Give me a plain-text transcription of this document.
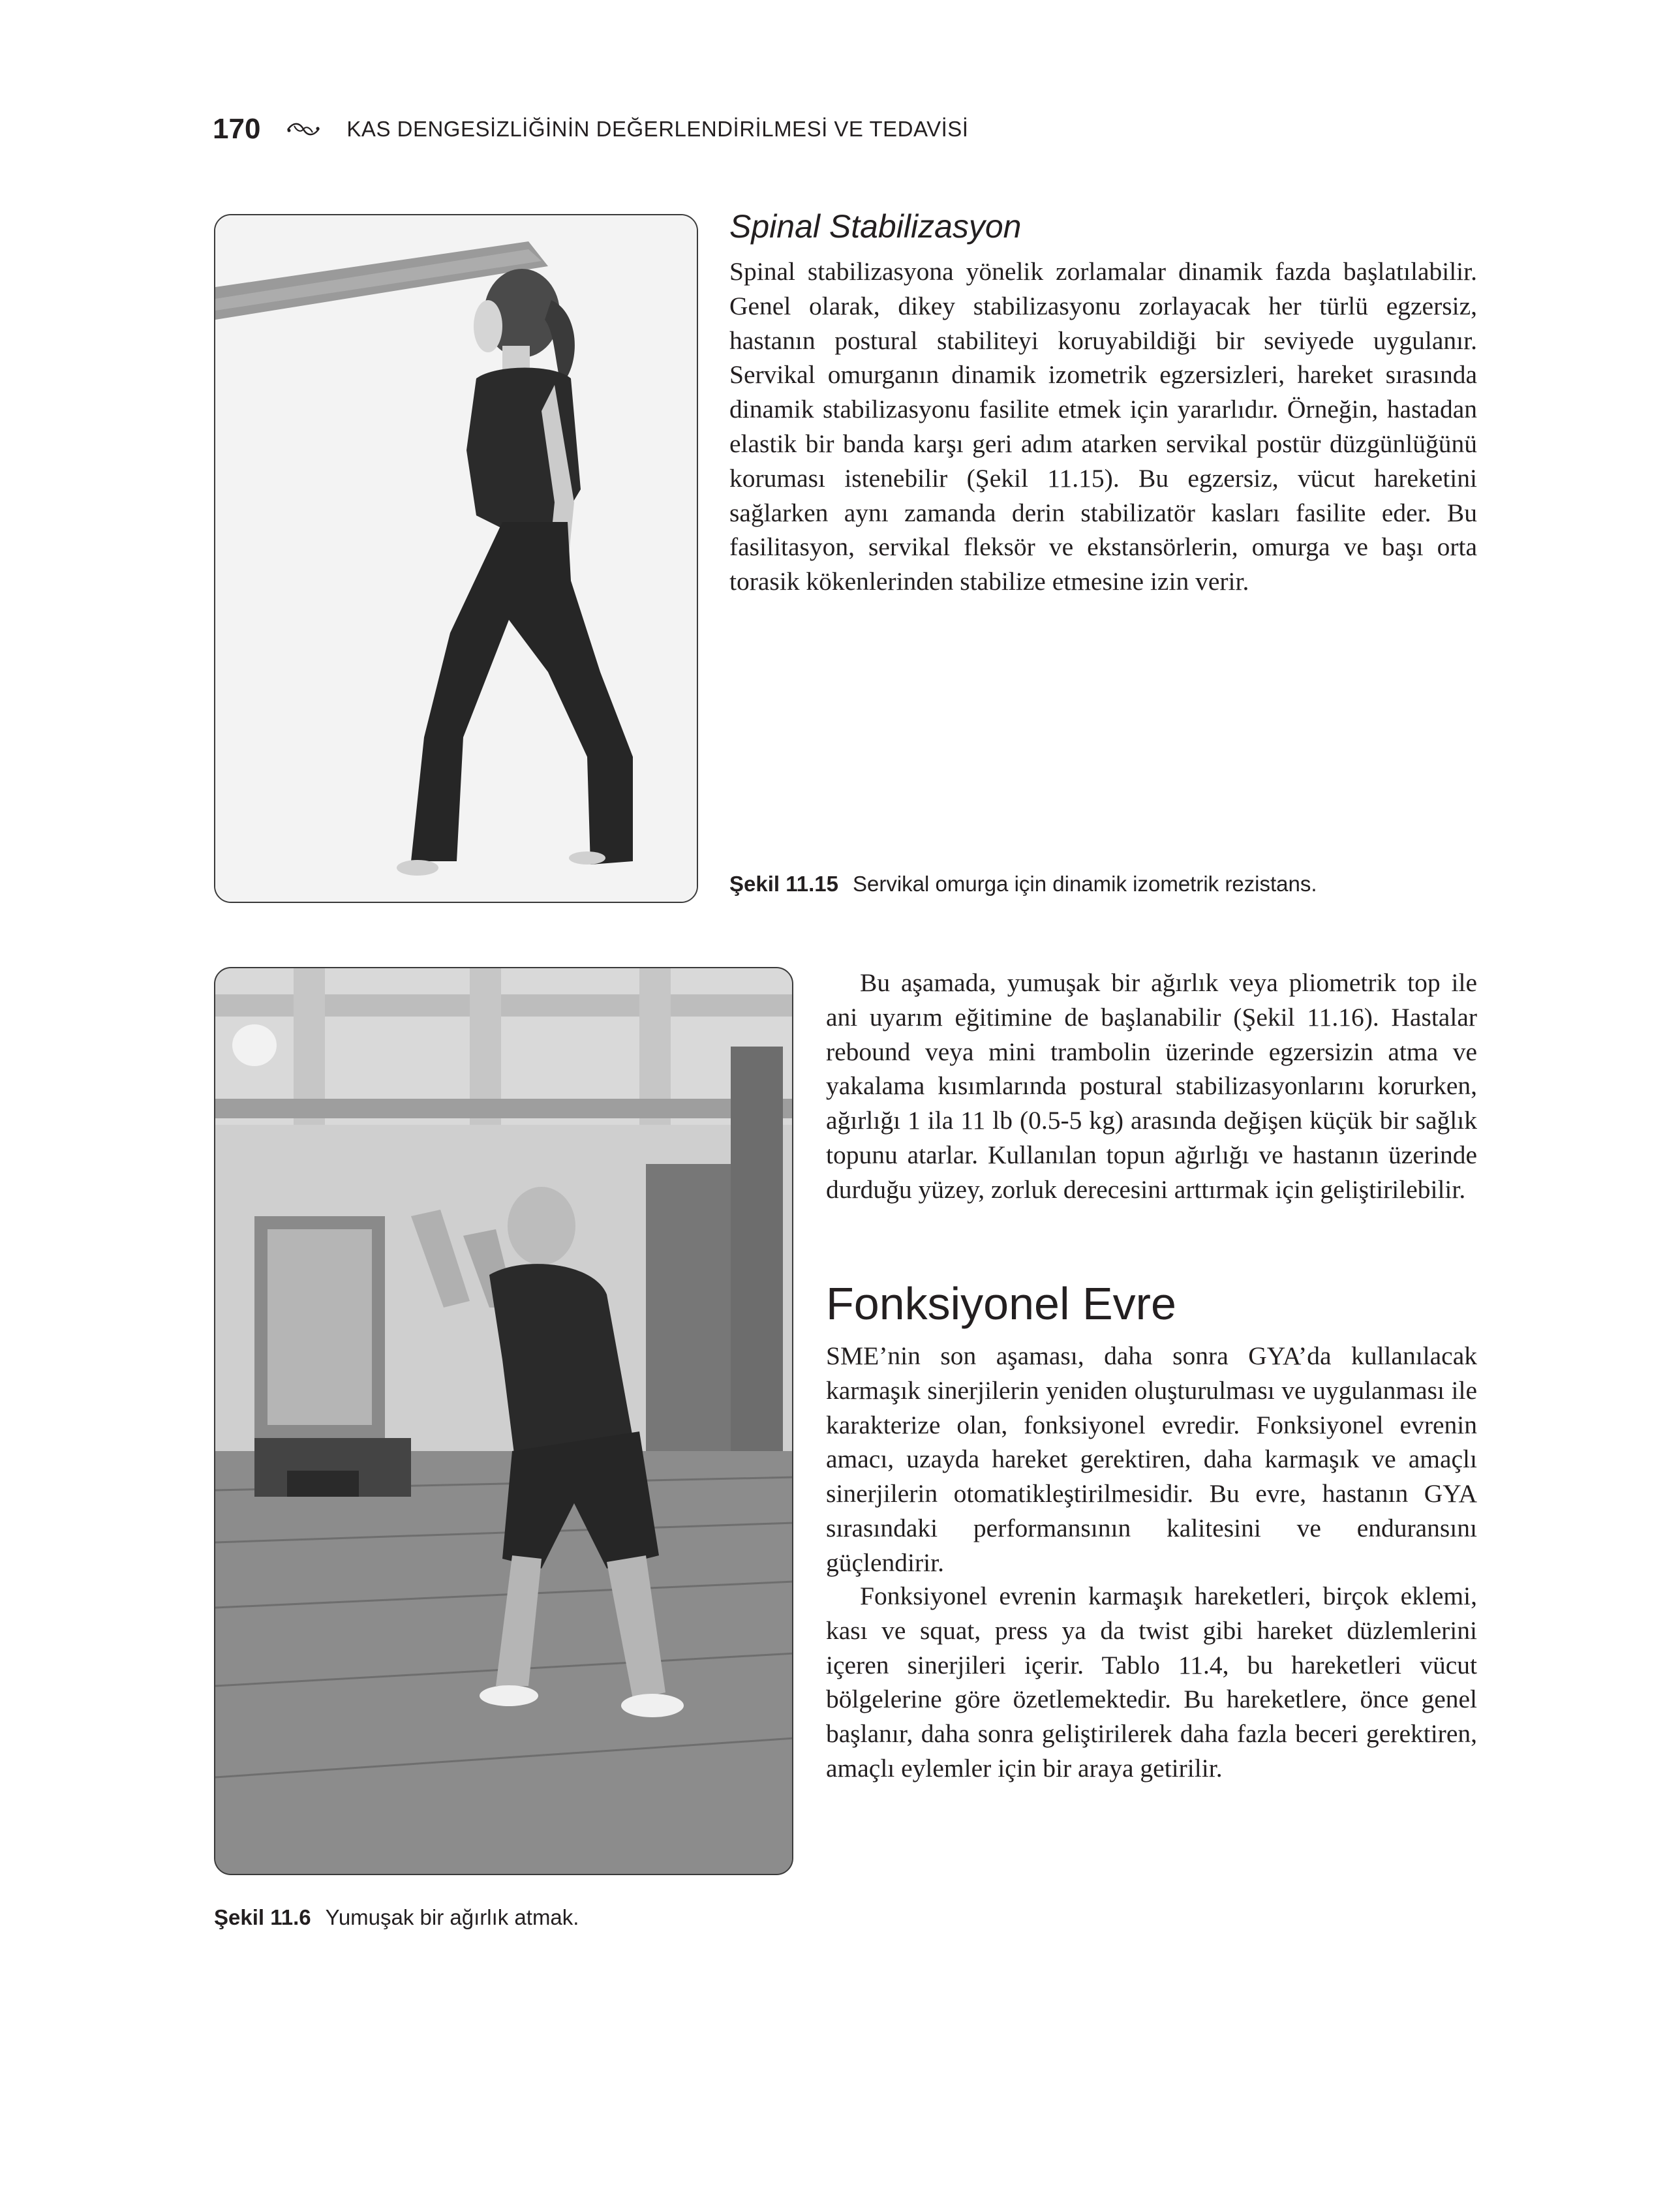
170	KAS DENGESİZLİĞİNİN DEĞERLENDİRİLMESİ VE TEDAVİSİ
Spinal Stabilizasyon

Spinal stabilizasyona yönelik zorlamalar dinamik fazda başlatılabilir. Genel olarak, dikey stabilizasyonu zorlayacak her türlü egzersiz, hastanın postural stabiliteyi koruyabildiği bir seviyede uygulanır. Servikal omurganın dinamik izometrik egzersizleri, hareket sırasında dinamik stabilizasyonu fasilite etmek için yararlıdır. Örneğin, hastadan elastik bir banda karşı geri adım atarken servikal postür düzgünlüğünü koruması istenebilir (Şekil 11.15). Bu egzersiz, vücut hareketini sağlarken aynı zamanda derin stabilizatör kasları fasilite eder. Bu fasilitasyon, servikal fleksör ve ekstansörlerin, omurga ve başı orta torasik kökenlerinden stabilize etmesine izin verir.

Şekil 11.15 Servikal omurga için dinamik izometrik rezistans.

Bu aşamada, yumuşak bir ağırlık veya pliometrik top ile ani uyarım eğitimine de başlanabilir (Şekil 11.16). Hastalar rebound veya mini trambolin üzerinde egzersizin atma ve yakalama kısımlarında postural stabilizasyonlarını korurken, ağırlığı 1 ila 11 lb (0.5-5 kg) arasında değişen küçük bir sağlık topunu atarlar. Kullanılan topun ağırlığı ve hastanın üzerinde durduğu yüzey, zorluk derecesini arttırmak için geliştirilebilir.

Fonksiyonel Evre

SME’nin son aşaması, daha sonra GYA’da kullanılacak karmaşık sinerjilerin yeniden oluşturulması ve uygulanması ile karakterize olan, fonksiyonel evredir. Fonksiyonel evrenin amacı, uzayda hareket gerektiren, daha karmaşık ve amaçlı sinerjilerin otomatikleştirilmesidir. Bu evre, hastanın GYA sırasındaki performansının kalitesini ve enduransını güçlendirir.

Fonksiyonel evrenin karmaşık hareketleri, birçok eklemi, kası ve squat, press ya da twist gibi hareket düzlemlerini içeren sinerjileri içerir. Tablo 11.4, bu hareketleri vücut bölgelerine göre özetlemektedir. Bu hareketlere, önce genel başlanır, daha sonra geliştirilerek daha fazla beceri gerektiren, amaçlı eylemler için bir araya getirilir.

Şekil 11.6 Yumuşak bir ağırlık atmak.
